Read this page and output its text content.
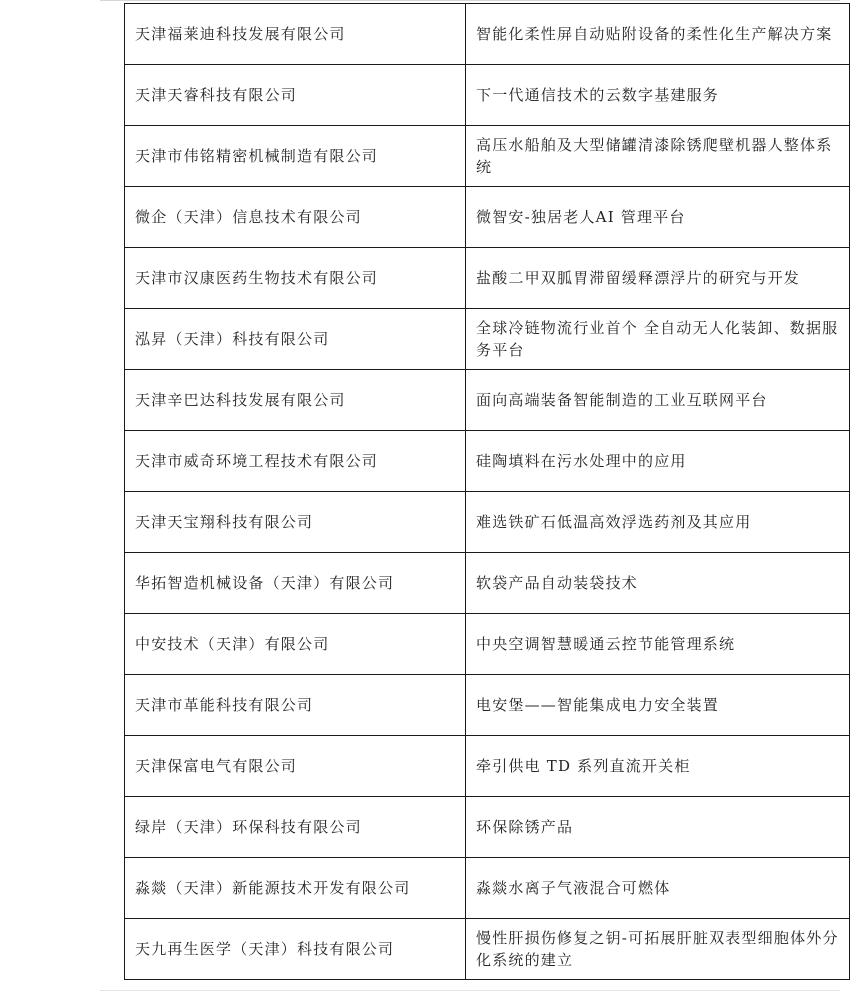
天津福莱迪科技发展有限公司	智能化柔性屏自动贴附设备的柔性化生产解决方案
天津天睿科技有限公司	下一代通信技术的云数字基建服务
天津市伟铭精密机械制造有限公司	高压水船舶及大型储罐清漆除锈爬壁机器人整体系统
微企（天津）信息技术有限公司	微智安-独居老人AI 管理平台
天津市汉康医药生物技术有限公司	盐酸二甲双胍胃滞留缓释漂浮片的研究与开发
泓昇（天津）科技有限公司	全球冷链物流行业首个 全自动无人化装卸、数据服务平台
天津辛巴达科技发展有限公司	面向高端装备智能制造的工业互联网平台
天津市威奇环境工程技术有限公司	硅陶填料在污水处理中的应用
天津天宝翔科技有限公司	难选铁矿石低温高效浮选药剂及其应用
华拓智造机械设备（天津）有限公司	软袋产品自动装袋技术
中安技术（天津）有限公司	中央空调智慧暖通云控节能管理系统
天津市革能科技有限公司	电安堡——智能集成电力安全装置
天津保富电气有限公司	牵引供电 TD 系列直流开关柜
绿岸（天津）环保科技有限公司	环保除锈产品
淼燚（天津）新能源技术开发有限公司	淼燚水离子气液混合可燃体
天九再生医学（天津）科技有限公司	慢性肝损伤修复之钥-可拓展肝脏双表型细胞体外分化系统的建立
